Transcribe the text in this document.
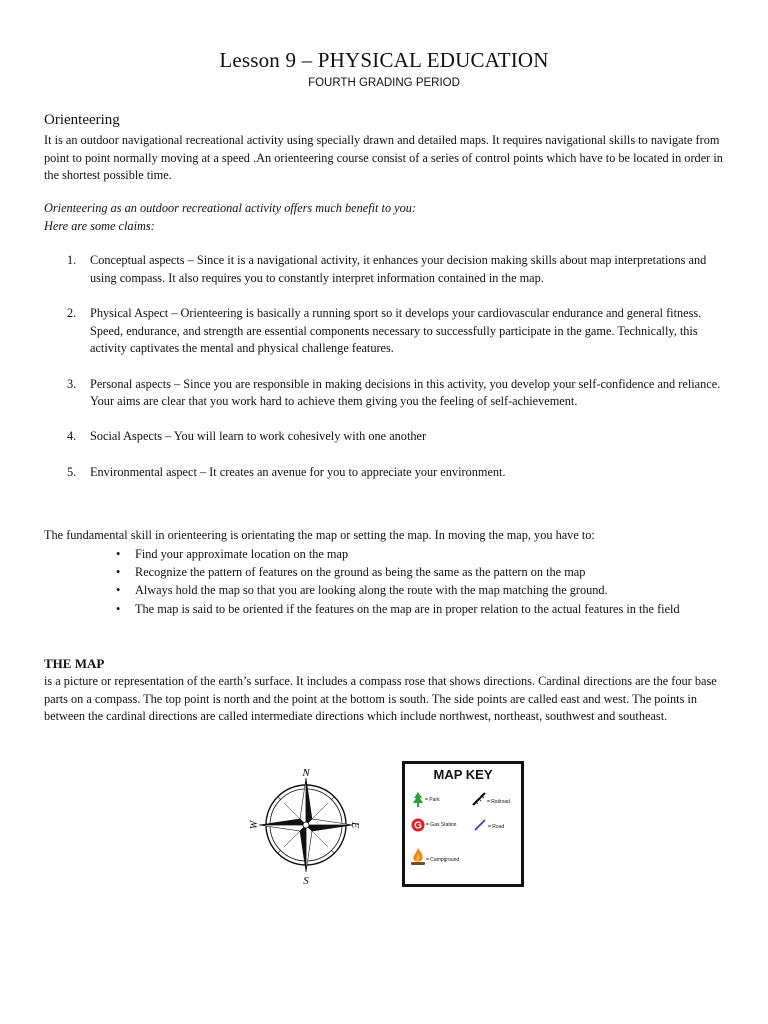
Lesson 9 – PHYSICAL EDUCATION
FOURTH GRADING PERIOD
Orienteering
It is an outdoor navigational recreational activity using specially drawn and detailed maps. It requires navigational skills to navigate from point to point normally moving at a speed .An orienteering course consist of a series of control points which have to be located in order in the shortest possible time.
Orienteering as an outdoor recreational activity offers much benefit to you:
Here are some claims:
1. Conceptual aspects – Since it is a navigational activity, it enhances your decision making skills about map interpretations and using compass. It also requires you to constantly interpret information contained in the map.
2. Physical Aspect – Orienteering is basically a running sport so it develops your cardiovascular endurance and general fitness. Speed, endurance, and strength are essential components necessary to successfully participate in the game. Technically, this activity captivates the mental and physical challenge features.
3. Personal aspects – Since you are responsible in making decisions in this activity, you develop your self-confidence and reliance. Your aims are clear that you work hard to achieve them giving you the feeling of self-achievement.
4. Social Aspects – You will learn to work cohesively with one another
5. Environmental aspect – It creates an avenue for you to appreciate your environment.
The fundamental skill in orienteering is orientating the map or setting the map. In moving the map, you have to:
• Find your approximate location on the map
• Recognize the pattern of features on the ground as being the same as the pattern on the map
• Always hold the map so that you are looking along the route with the map matching the ground.
• The map is said to be oriented if the features on the map are in proper relation to the actual features in the field
THE MAP
is a picture or representation of the earth’s surface. It includes a compass rose that shows directions. Cardinal directions are the four base parts on a compass. The top point is north and the point at the bottom is south. The side points are called east and west. The points in between the cardinal directions are called intermediate directions which include northwest, northeast, southwest and southeast.
N
S
E
W
MAP KEY
= Park	= Railroad
G = Gas Station	= Road
= Campground
